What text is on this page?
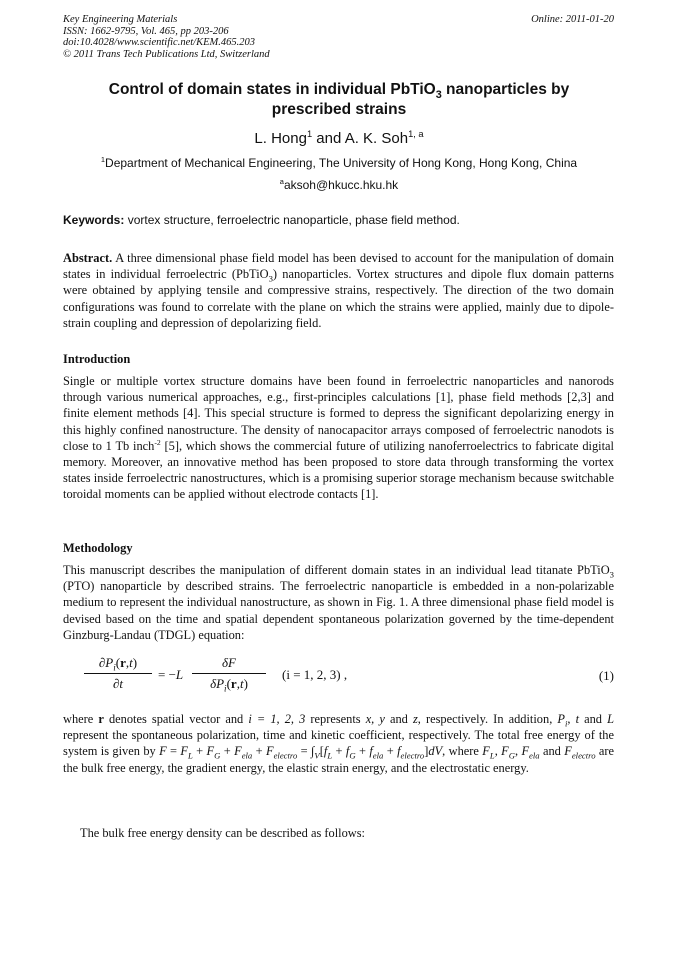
Key Engineering Materials
ISSN: 1662-9795, Vol. 465, pp 203-206
doi:10.4028/www.scientific.net/KEM.465.203
© 2011 Trans Tech Publications Ltd, Switzerland
Online: 2011-01-20
Control of domain states in individual PbTiO$_3$ nanoparticles by
prescribed strains
L. Hong$^1$ and A. K. Soh$^{1, a}$
$^1$Department of Mechanical Engineering, The University of Hong Kong, Hong Kong, China
$^a$aksoh@hkucc.hku.hk
Keywords: vortex structure, ferroelectric nanoparticle, phase field method.
Abstract. A three dimensional phase field model has been devised to account for the manipulation of domain states in individual ferroelectric (PbTiO$_3$) nanoparticles. Vortex structures and dipole flux domain patterns were obtained by applying tensile and compressive strains, respectively. The direction of the two domain configurations was found to correlate with the plane on which the strains were applied, mainly due to dipole-strain coupling and depression of depolarizing field.
Introduction
Single or multiple vortex structure domains have been found in ferroelectric nanoparticles and nanorods through various numerical approaches, e.g., first-principles calculations [1], phase field methods [2,3] and finite element methods [4]. This special structure is formed to depress the significant depolarizing energy in this highly confined nanostructure. The density of nanocapacitor arrays composed of ferroelectric nanodots is close to 1 Tb inch$^{-2}$ [5], which shows the commercial future of utilizing nanoferroelectrics to fabricate digital memory. Moreover, an innovative method has been proposed to store data through transforming the vortex states inside ferroelectric nanostructures, which is a promising superior storage mechanism because switchable toroidal moments can be applied without electrode contacts [1].
Methodology
This manuscript describes the manipulation of different domain states in an individual lead titanate PbTiO$_3$ (PTO) nanoparticle by described strains. The ferroelectric nanoparticle is embedded in a non-polarizable medium to represent the individual nanostructure, as shown in Fig. 1. A three dimensional phase field model is devised based on the time and spatial dependent spontaneous polarization governed by the time-dependent Ginzburg-Landau (TDGL) equation:
$\frac{\partial P_i(r,t)}{\partial t} = -L$
δF
$\delta P_i(r,t)$
(i = 1, 2, 3) ,	(1)
where r denotes spatial vector and i = 1, 2, 3 represents x, y and z, respectively. In addition, $P_i$, t and L represent the spontaneous polarization, time and kinetic coefficient, respectively. The total free energy of the system is given by $F = F_L + F_G + F_{ela} + F_{electro} = \int_V[f_L + f_G + f_{ela} + f_{electro}]dV$, where $F_L$, $F_G$, $F_{ela}$ and $F_{electro}$ are the bulk free energy, the gradient energy, the elastic strain energy, and the electrostatic energy.
The bulk free energy density can be described as follows:
